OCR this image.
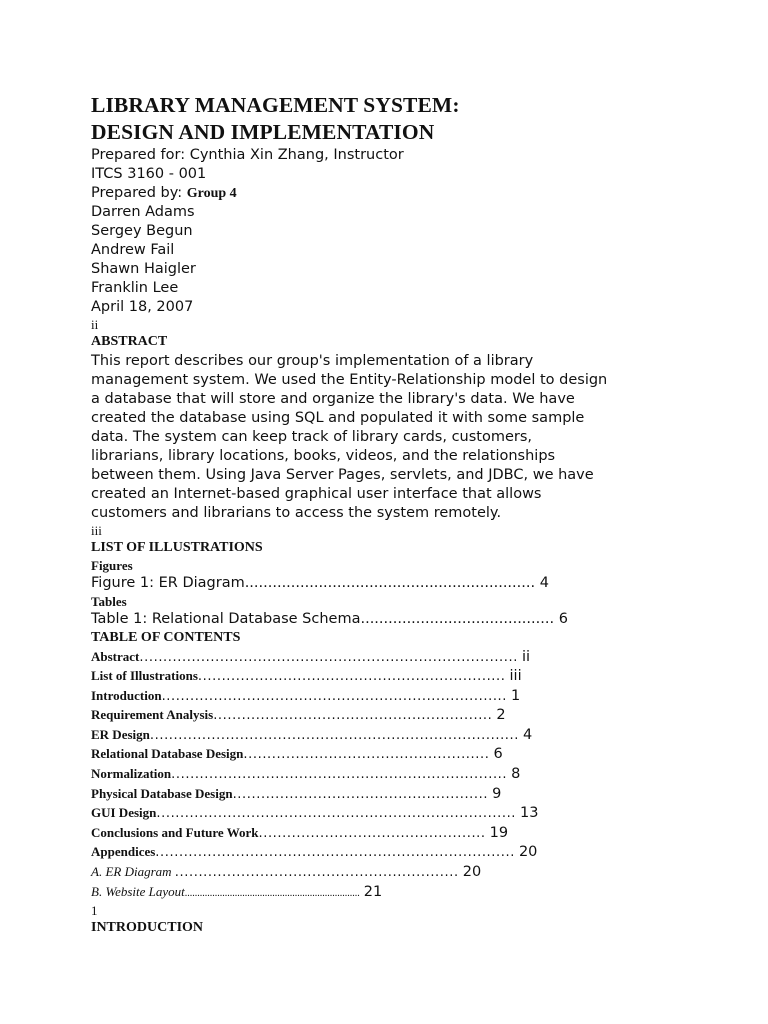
LIBRARY MANAGEMENT SYSTEM:

DESIGN AND IMPLEMENTATION

Prepared for: Cynthia Xin Zhang, Instructor
ITCS 3160 - 001
Prepared by: Group 4
Darren Adams
Sergey Begun
Andrew Fail
Shawn Haigler
Franklin Lee
April 18, 2007
ii
ABSTRACT
This report describes our group's implementation of a library
management system. We used the Entity-Relationship model to design
a database that will store and organize the library's data. We have
created the database using SQL and populated it with some sample
data. The system can keep track of library cards, customers,
librarians, library locations, books, videos, and the relationships
between them. Using Java Server Pages, servlets, and JDBC, we have
created an Internet-based graphical user interface that allows
customers and librarians to access the system remotely.
iii
LIST OF ILLUSTRATIONS
Figures
Figure 1: ER Diagram............................................................... 4
Tables
Table 1: Relational Database Schema.......................................... 6
TABLE OF CONTENTS
Abstract................................................................................ ii
List of Illustrations................................................................. iii
Introduction......................................................................... 1
Requirement Analysis........................................................... 2
ER Design.............................................................................. 4
Relational Database Design.................................................... 6
Normalization....................................................................... 8
Physical Database Design...................................................... 9
GUI Design............................................................................ 13
Conclusions and Future Work................................................ 19
Appendices............................................................................ 20
A. ER Diagram ............................................................ 20
B. Website Layout...................................................................... 21
1
INTRODUCTION
